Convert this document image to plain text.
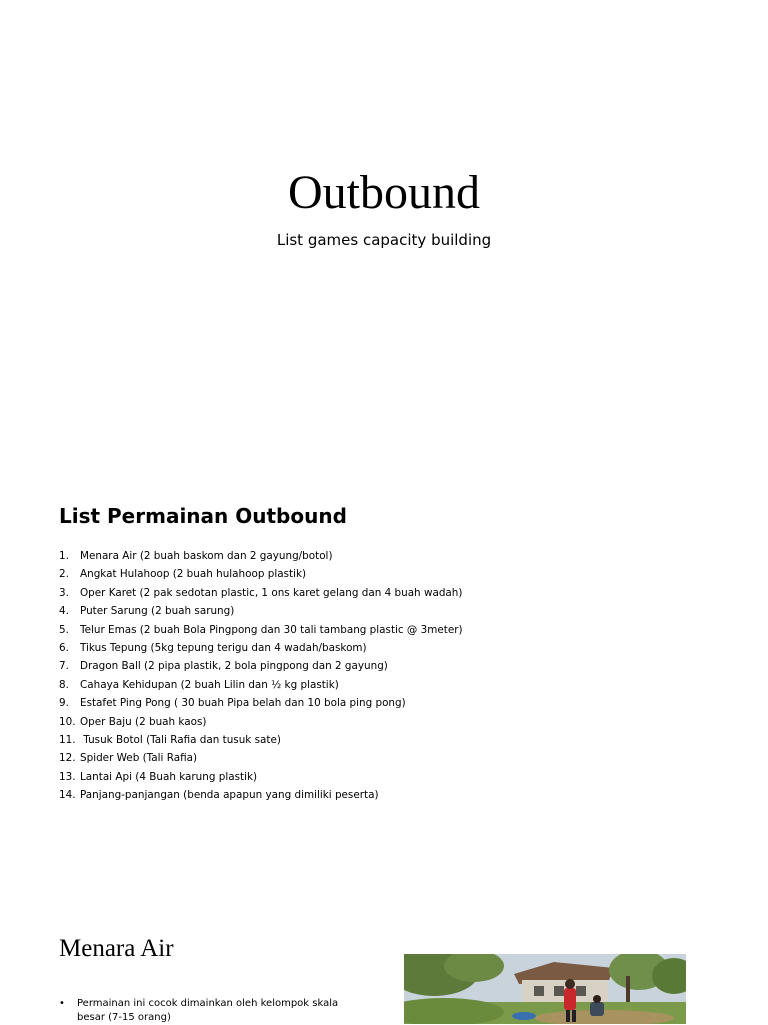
Outbound
List games capacity building
List Permainan Outbound
1.	Menara Air (2 buah baskom dan 2 gayung/botol)
2.	Angkat Hulahoop (2 buah hulahoop plastik)
3.	Oper Karet (2 pak sedotan plastic, 1 ons karet gelang dan 4 buah wadah)
4.	Puter Sarung (2 buah sarung)
5.	Telur Emas (2 buah Bola Pingpong dan 30 tali tambang plastic @ 3meter)
6.	Tikus Tepung (5kg tepung terigu dan 4 wadah/baskom)
7.	Dragon Ball (2 pipa plastik, 2 bola pingpong dan 2 gayung)
8.	Cahaya Kehidupan (2 buah Lilin dan ½ kg plastik)
9.	Estafet Ping Pong ( 30 buah Pipa belah dan 10 bola ping pong)
10. Oper Baju (2 buah kaos)
11. Tusuk Botol (Tali Rafia dan tusuk sate)
12. Spider Web (Tali Rafia)
13. Lantai Api (4 Buah karung plastik)
14. Panjang-panjangan (benda apapun yang dimiliki peserta)
Menara Air
•	Permainan ini cocok dimainkan oleh kelompok skala besar (7-15 orang)
